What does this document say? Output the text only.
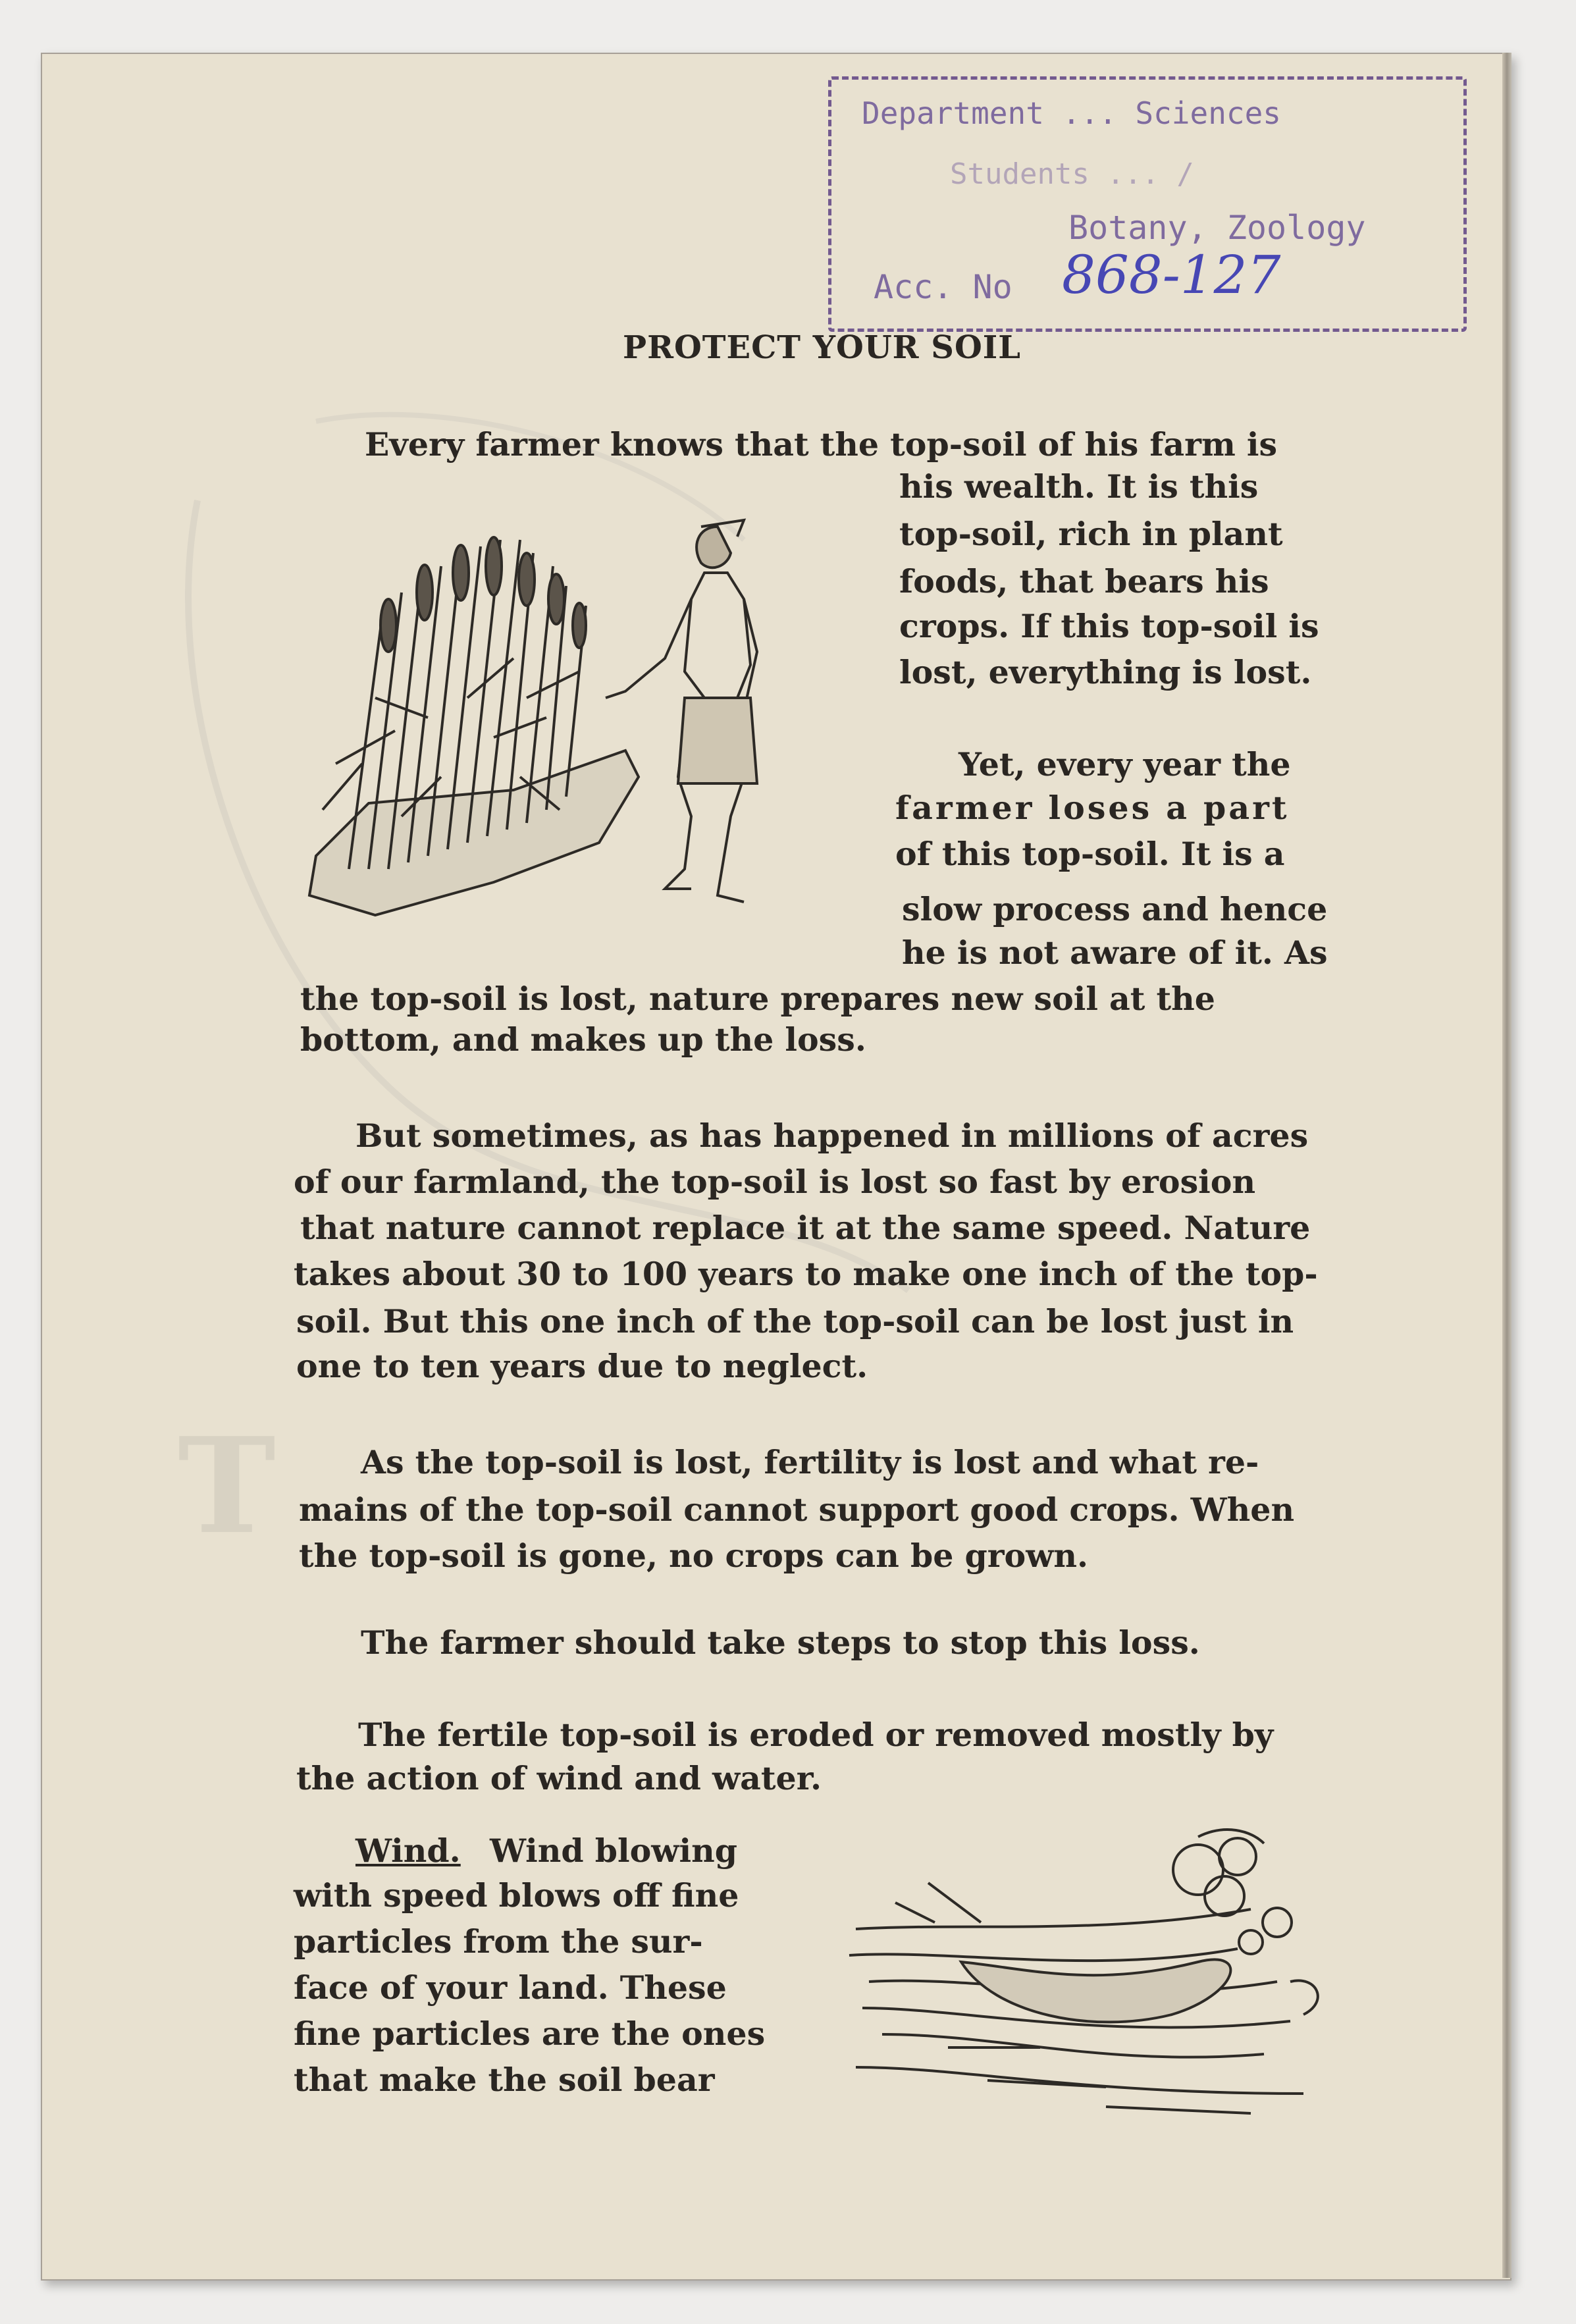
T
Department ... Sciences
Students ... /
Botany, Zoology
Acc. No 868-127
PROTECT YOUR SOIL
Every farmer knows that the top-soil of his farm is
his wealth. It is this
top-soil, rich in plant
foods, that bears his
crops. If this top-soil is
lost, everything is lost.
Yet, every year the
farmer loses a part
of this top-soil. It is a
slow process and hence
he is not aware of it. As
the top-soil is lost, nature prepares new soil at the
bottom, and makes up the loss.
But sometimes, as has happened in millions of acres
of our farmland, the top-soil is lost so fast by erosion
that nature cannot replace it at the same speed. Nature
takes about 30 to 100 years to make one inch of the top-
soil. But this one inch of the top-soil can be lost just in
one to ten years due to neglect.
As the top-soil is lost, fertility is lost and what re-
mains of the top-soil cannot support good crops. When
the top-soil is gone, no crops can be grown.
The farmer should take steps to stop this loss.
The fertile top-soil is eroded or removed mostly by
the action of wind and water.
Wind. Wind blowing
with speed blows off fine
particles from the sur-
face of your land. These
fine particles are the ones
that make the soil bear
